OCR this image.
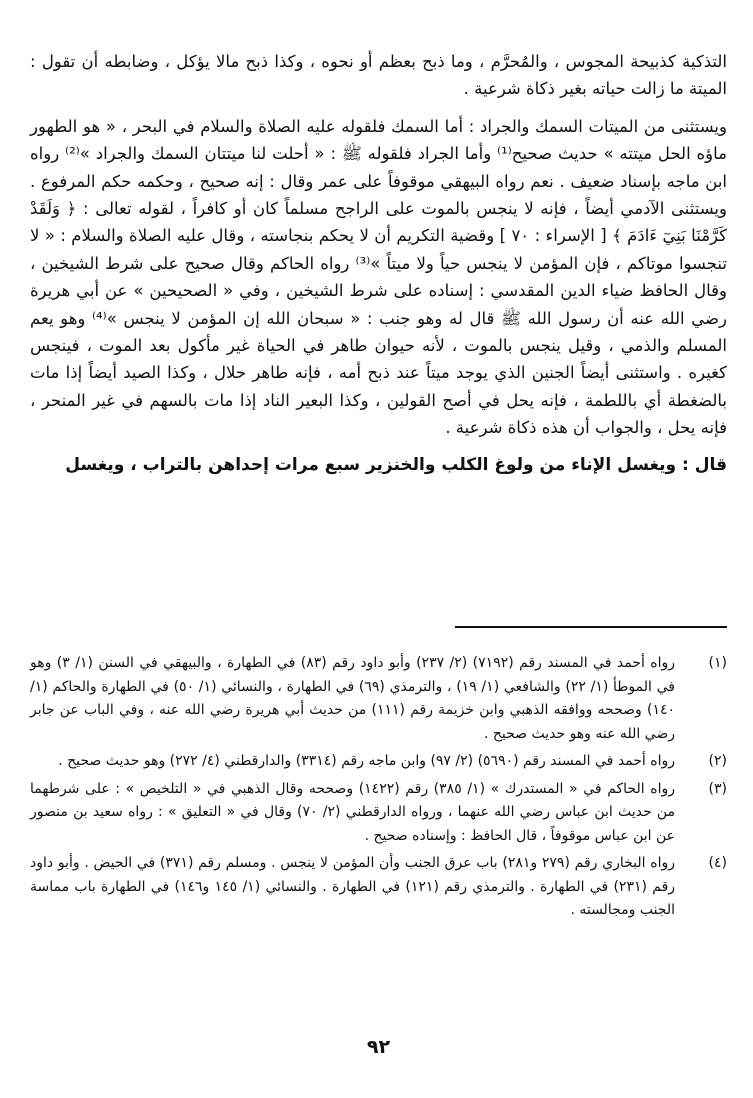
التذكية كذبيحة المجوس ، والمُحرَّم ، وما ذبح بعظم أو نحوه ، وكذا ذبح مالا يؤكل ، وضابطه أن تقول : الميتة ما زالت حياته بغير ذكاة شرعية .

ويستثنى من الميتات السمك والجراد : أما السمك فلقوله عليه الصلاة والسلام في البحر ، « هو الطهور ماؤه الحل ميتته » حديث صحيح⁽¹⁾ وأما الجراد فلقوله ﷺ : « أحلت لنا ميتتان السمك والجراد »⁽²⁾ رواه ابن ماجه بإسناد ضعيف . نعم رواه البيهقي موقوفاً على عمر وقال : إنه صحيح ، وحكمه حكم المرفوع . ويستثنى الآدمي أيضاً ، فإنه لا ينجس بالموت على الراجح مسلماً كان أو كافراً ، لقوله تعالى : ﴿ وَلَقَدْ كَرَّمْنَا بَنِيٓ ءَادَمَ ﴾ [ الإسراء : ٧٠ ] وقضية التكريم أن لا يحكم بنجاسته ، وقال عليه الصلاة والسلام : « لا تنجسوا موتاكم ، فإن المؤمن لا ينجس حياً ولا ميتاً »⁽³⁾ رواه الحاكم وقال صحيح على شرط الشيخين ، وقال الحافظ ضياء الدين المقدسي : إسناده على شرط الشيخين ، وفي « الصحيحين » عن أبي هريرة رضي الله عنه أن رسول الله ﷺ قال له وهو جنب : « سبحان الله إن المؤمن لا ينجس »⁽⁴⁾ وهو يعم المسلم والذمي ، وقيل ينجس بالموت ، لأنه حيوان طاهر في الحياة غير مأكول بعد الموت ، فينجس كغيره . واستثنى أيضاً الجنين الذي يوجد ميتاً عند ذبح أمه ، فإنه طاهر حلال ، وكذا الصيد أيضاً إذا مات بالضغطة أي باللطمة ، فإنه يحل في أصح القولين ، وكذا البعير الناد إذا مات بالسهم في غير المنحر ، فإنه يحل ، والجواب أن هذه ذكاة شرعية .

قال : ويغسل الإناء من ولوغ الكلب والخنزير سبع مرات إحداهن بالتراب ، ويغسل

(١)
رواه أحمد في المسند رقم (٧١٩٢) (٢/ ٢٣٧) وأبو داود رقم (٨٣) في الطهارة ، والبيهقي في السنن (١/ ٣) وهو في الموطأ (١/ ٢٢) والشافعي (١/ ١٩) ، والترمذي (٦٩) في الطهارة ، والنسائي (١/ ٥٠) في الطهارة والحاكم (١/ ١٤٠) وصححه ووافقه الذهبي وابن خزيمة رقم (١١١) من حديث أبي هريرة رضي الله عنه ، وفي الباب عن جابر رضي الله عنه وهو حديث صحيح .
(٢)
رواه أحمد في المسند رقم (٥٦٩٠) (٢/ ٩٧) وابن ماجه رقم (٣٣١٤) والدارقطني (٤/ ٢٧٢) وهو حديث صحيح .
(٣)
رواه الحاكم في « المستدرك » (١/ ٣٨٥) رقم (١٤٢٢) وصححه وقال الذهبي في « التلخيص » : على شرطهما من حديث ابن عباس رضي الله عنهما ، ورواه الدارقطني (٢/ ٧٠) وقال في « التعليق » : رواه سعيد بن منصور عن ابن عباس موقوفاً ، قال الحافظ : وإسناده صحيح .
(٤)
رواه البخاري رقم (٢٧٩ و٢٨١) باب عرق الجنب وأن المؤمن لا ينجس . ومسلم رقم (٣٧١) في الحيض . وأبو داود رقم (٢٣١) في الطهارة . والترمذي رقم (١٢١) في الطهارة . والنسائي (١/ ١٤٥ و١٤٦) في الطهارة باب مماسة الجنب ومجالسته .
٩٢
